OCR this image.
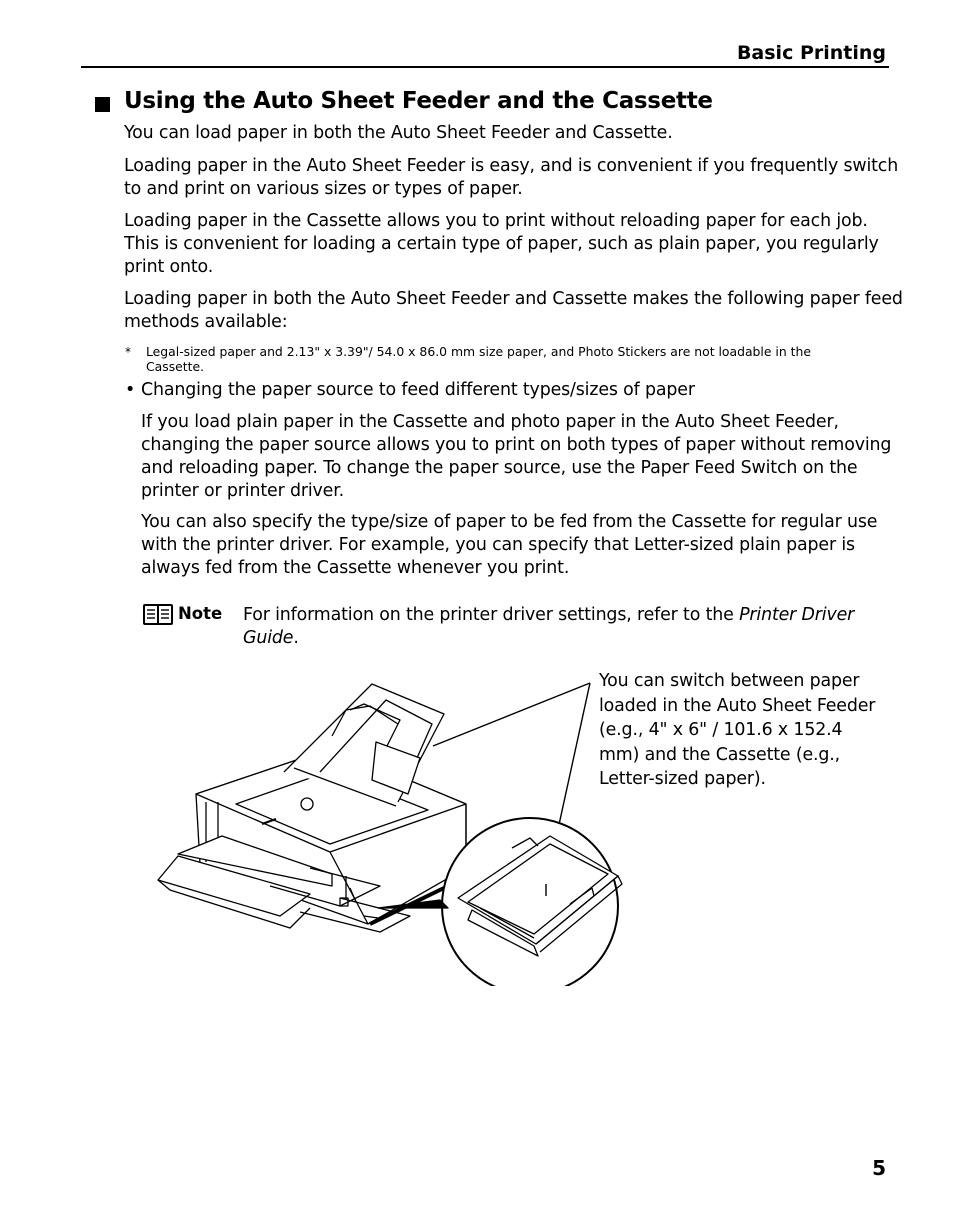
Basic Printing
Using the Auto Sheet Feeder and the Cassette

You can load paper in both the Auto Sheet Feeder and Cassette.

Loading paper in the Auto Sheet Feeder is easy, and is convenient if you frequently switch to and print on various sizes or types of paper.

Loading paper in the Cassette allows you to print without reloading paper for each job. This is convenient for loading a certain type of paper, such as plain paper, you regularly print onto.

Loading paper in both the Auto Sheet Feeder and Cassette makes the following paper feed methods available:

* Legal-sized paper and 2.13" x 3.39"/ 54.0 x 86.0 mm size paper, and Photo Stickers are not loadable in the Cassette.
• Changing the paper source to feed different types/sizes of paper

If you load plain paper in the Cassette and photo paper in the Auto Sheet Feeder, changing the paper source allows you to print on both types of paper without removing and reloading paper. To change the paper source, use the Paper Feed Switch on the printer or printer driver.

You can also specify the type/size of paper to be fed from the Cassette for regular use with the printer driver. For example, you can specify that Letter-sized plain paper is always fed from the Cassette whenever you print.

Note For information on the printer driver settings, refer to the Printer Driver Guide.
You can switch between paper loaded in the Auto Sheet Feeder (e.g., 4" x 6" / 101.6 x 152.4 mm) and the Cassette (e.g., Letter-sized paper).
5
